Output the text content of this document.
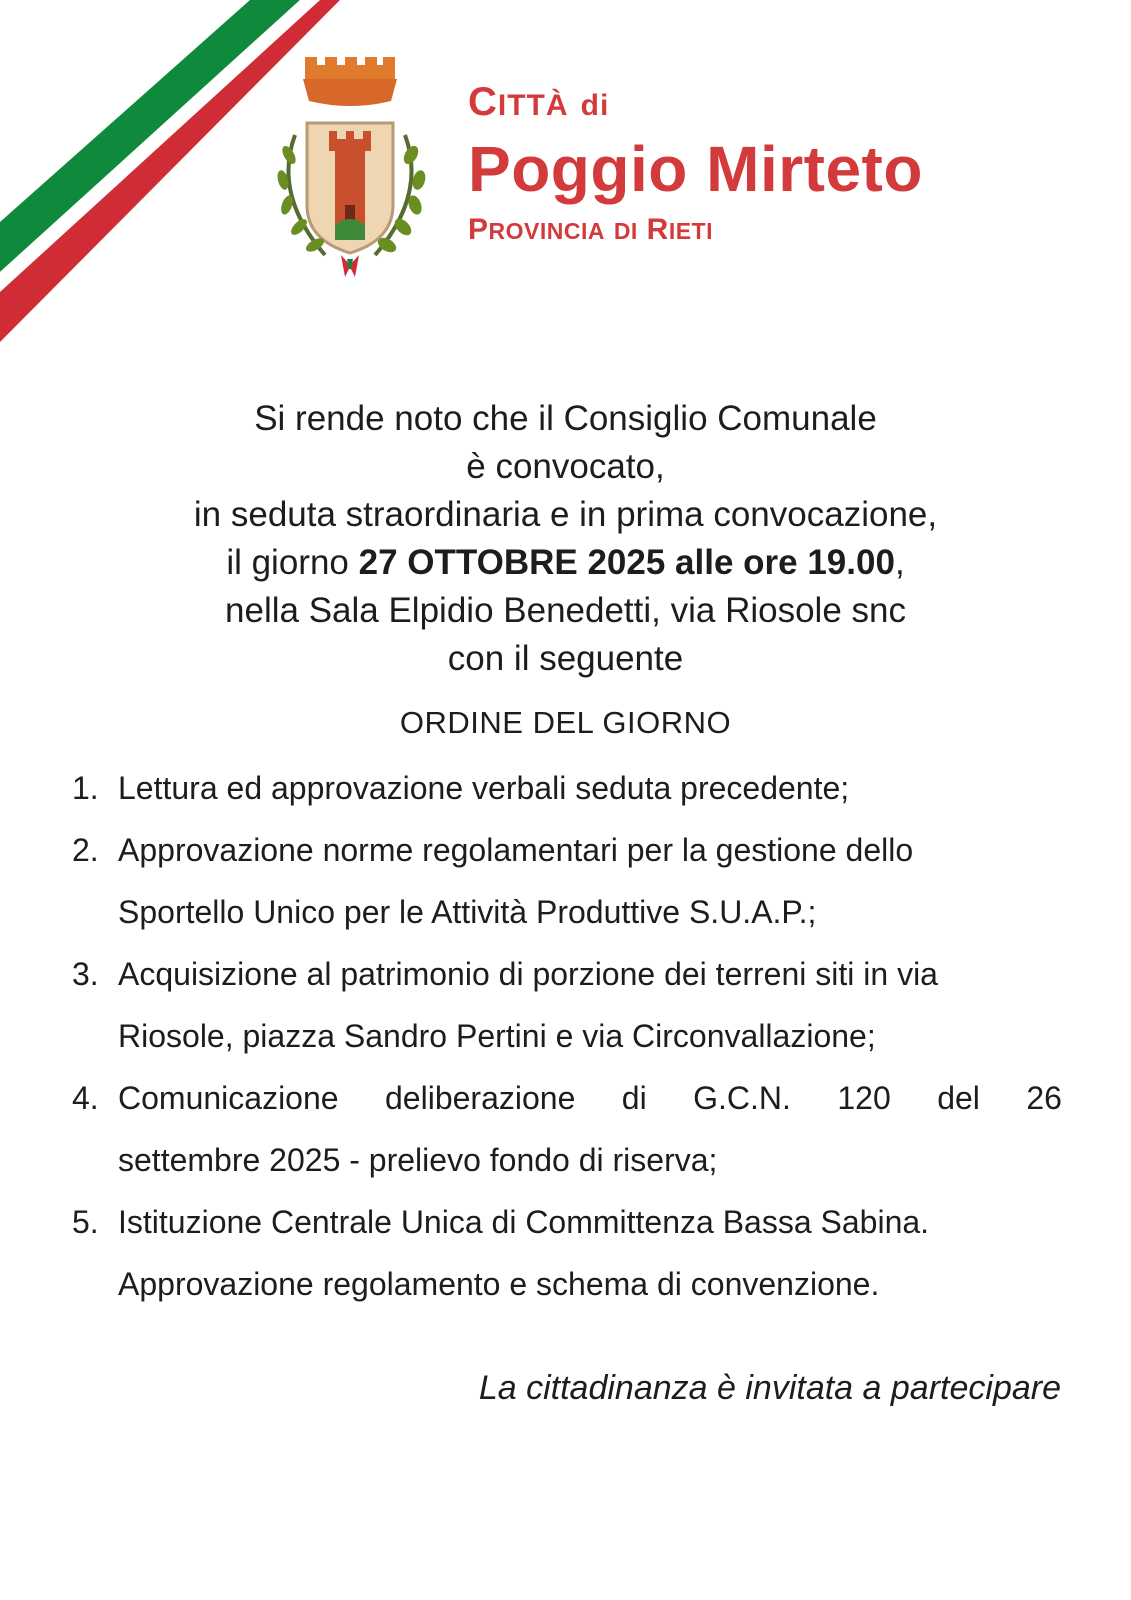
CITTÀ di
Poggio Mirteto
PROVINCIA DI RIETI
Si rende noto che il Consiglio Comunale
è convocato,
in seduta straordinaria e in prima convocazione,
il giorno 27 OTTOBRE 2025 alle ore 19.00,
nella Sala Elpidio Benedetti, via Riosole snc
con il seguente
ORDINE DEL GIORNO
1. Lettura ed approvazione verbali seduta precedente;
2. Approvazione norme regolamentari per la gestione dello
Sportello Unico per le Attività Produttive S.U.A.P.;
3. Acquisizione al patrimonio di porzione dei terreni siti in via
Riosole, piazza Sandro Pertini e via Circonvallazione;
4. Comunicazione deliberazione di G.C.N. 120 del 26
settembre 2025 - prelievo fondo di riserva;
5. Istituzione Centrale Unica di Committenza Bassa Sabina.
Approvazione regolamento e schema di convenzione.
La cittadinanza è invitata a partecipare
